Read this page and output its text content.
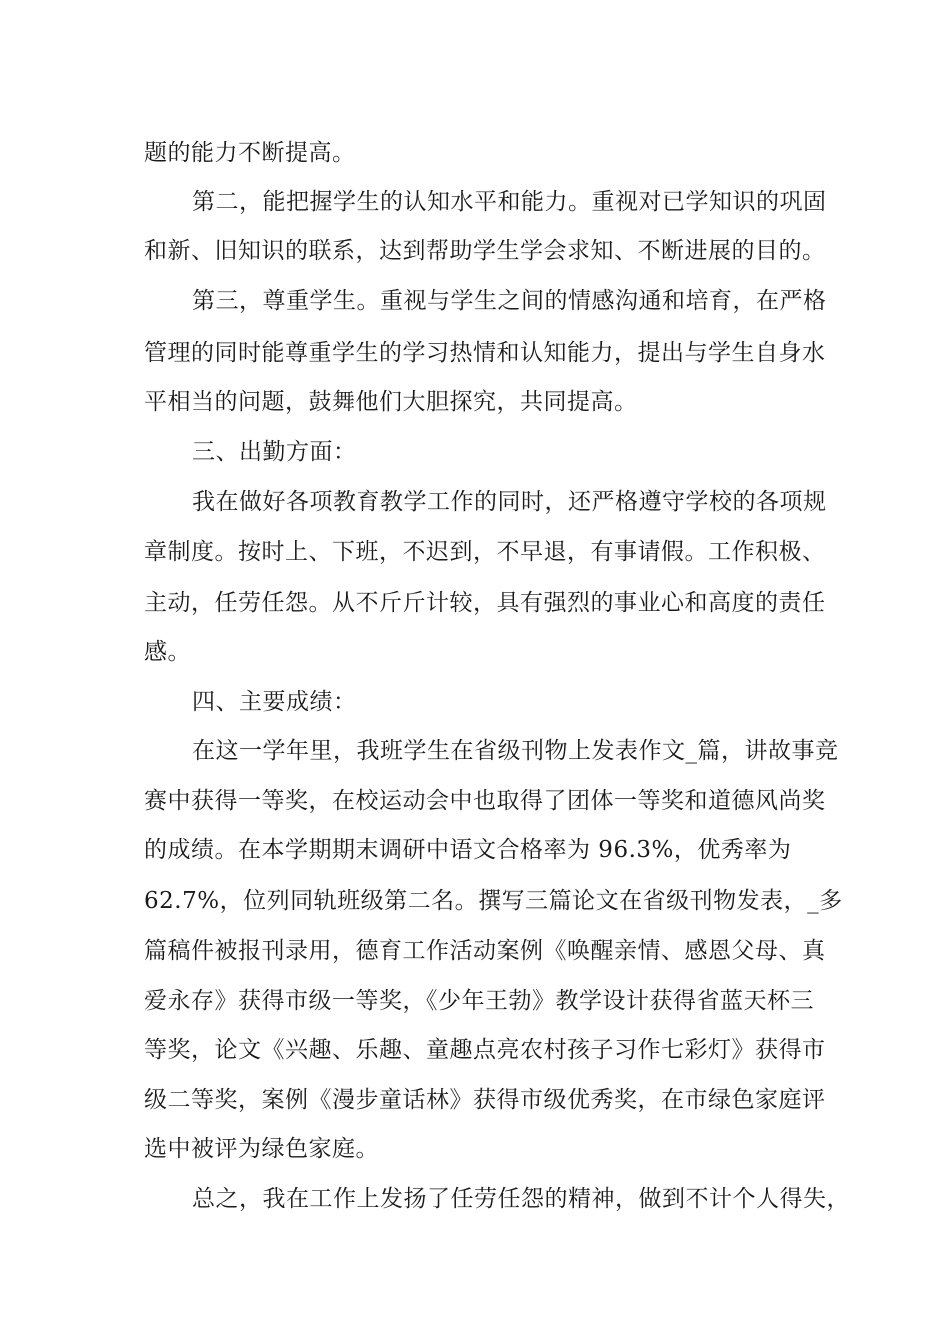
题的能力不断提高。
第二，能把握学生的认知水平和能力。重视对已学知识的巩固
和新、旧知识的联系，达到帮助学生学会求知、不断进展的目的。
第三，尊重学生。重视与学生之间的情感沟通和培育，在严格
管理的同时能尊重学生的学习热情和认知能力，提出与学生自身水
平相当的问题，鼓舞他们大胆探究，共同提高。
三、出勤方面：
我在做好各项教育教学工作的同时，还严格遵守学校的各项规
章制度。按时上、下班，不迟到，不早退，有事请假。工作积极、
主动，任劳任怨。从不斤斤计较，具有强烈的事业心和高度的责任
感。
四、主要成绩：
在这一学年里，我班学生在省级刊物上发表作文_篇，讲故事竞
赛中获得一等奖，在校运动会中也取得了团体一等奖和道德风尚奖
的成绩。在本学期期末调研中语文合格率为 96.3%，优秀率为
62.7%，位列同轨班级第二名。撰写三篇论文在省级刊物发表，_多
篇稿件被报刊录用，德育工作活动案例《唤醒亲情、感恩父母、真
爱永存》获得市级一等奖，《少年王勃》教学设计获得省蓝天杯三
等奖，论文《兴趣、乐趣、童趣点亮农村孩子习作七彩灯》获得市
级二等奖，案例《漫步童话林》获得市级优秀奖，在市绿色家庭评
选中被评为绿色家庭。
总之，我在工作上发扬了任劳任怨的精神，做到不计个人得失，
